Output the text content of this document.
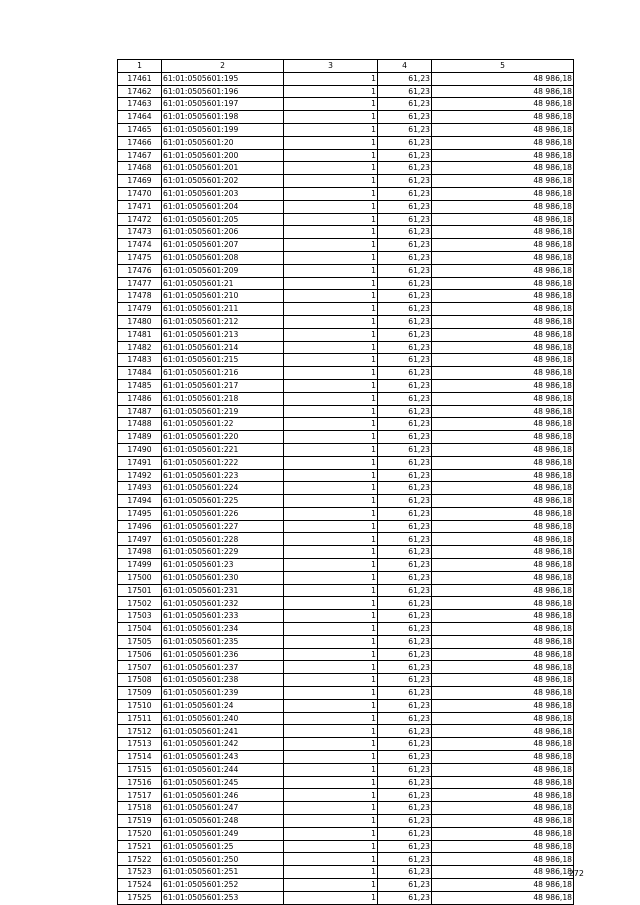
1	2	3	4	5
17461	61:01:0505601:195	1	61,23	48 986,18
17462	61:01:0505601:196	1	61,23	48 986,18
17463	61:01:0505601:197	1	61,23	48 986,18
17464	61:01:0505601:198	1	61,23	48 986,18
17465	61:01:0505601:199	1	61,23	48 986,18
17466	61:01:0505601:20	1	61,23	48 986,18
17467	61:01:0505601:200	1	61,23	48 986,18
17468	61:01:0505601:201	1	61,23	48 986,18
17469	61:01:0505601:202	1	61,23	48 986,18
17470	61:01:0505601:203	1	61,23	48 986,18
17471	61:01:0505601:204	1	61,23	48 986,18
17472	61:01:0505601:205	1	61,23	48 986,18
17473	61:01:0505601:206	1	61,23	48 986,18
17474	61:01:0505601:207	1	61,23	48 986,18
17475	61:01:0505601:208	1	61,23	48 986,18
17476	61:01:0505601:209	1	61,23	48 986,18
17477	61:01:0505601:21	1	61,23	48 986,18
17478	61:01:0505601:210	1	61,23	48 986,18
17479	61:01:0505601:211	1	61,23	48 986,18
17480	61:01:0505601:212	1	61,23	48 986,18
17481	61:01:0505601:213	1	61,23	48 986,18
17482	61:01:0505601:214	1	61,23	48 986,18
17483	61:01:0505601:215	1	61,23	48 986,18
17484	61:01:0505601:216	1	61,23	48 986,18
17485	61:01:0505601:217	1	61,23	48 986,18
17486	61:01:0505601:218	1	61,23	48 986,18
17487	61:01:0505601:219	1	61,23	48 986,18
17488	61:01:0505601:22	1	61,23	48 986,18
17489	61:01:0505601:220	1	61,23	48 986,18
17490	61:01:0505601:221	1	61,23	48 986,18
17491	61:01:0505601:222	1	61,23	48 986,18
17492	61:01:0505601:223	1	61,23	48 986,18
17493	61:01:0505601:224	1	61,23	48 986,18
17494	61:01:0505601:225	1	61,23	48 986,18
17495	61:01:0505601:226	1	61,23	48 986,18
17496	61:01:0505601:227	1	61,23	48 986,18
17497	61:01:0505601:228	1	61,23	48 986,18
17498	61:01:0505601:229	1	61,23	48 986,18
17499	61:01:0505601:23	1	61,23	48 986,18
17500	61:01:0505601:230	1	61,23	48 986,18
17501	61:01:0505601:231	1	61,23	48 986,18
17502	61:01:0505601:232	1	61,23	48 986,18
17503	61:01:0505601:233	1	61,23	48 986,18
17504	61:01:0505601:234	1	61,23	48 986,18
17505	61:01:0505601:235	1	61,23	48 986,18
17506	61:01:0505601:236	1	61,23	48 986,18
17507	61:01:0505601:237	1	61,23	48 986,18
17508	61:01:0505601:238	1	61,23	48 986,18
17509	61:01:0505601:239	1	61,23	48 986,18
17510	61:01:0505601:24	1	61,23	48 986,18
17511	61:01:0505601:240	1	61,23	48 986,18
17512	61:01:0505601:241	1	61,23	48 986,18
17513	61:01:0505601:242	1	61,23	48 986,18
17514	61:01:0505601:243	1	61,23	48 986,18
17515	61:01:0505601:244	1	61,23	48 986,18
17516	61:01:0505601:245	1	61,23	48 986,18
17517	61:01:0505601:246	1	61,23	48 986,18
17518	61:01:0505601:247	1	61,23	48 986,18
17519	61:01:0505601:248	1	61,23	48 986,18
17520	61:01:0505601:249	1	61,23	48 986,18
17521	61:01:0505601:25	1	61,23	48 986,18
17522	61:01:0505601:250	1	61,23	48 986,18
17523	61:01:0505601:251	1	61,23	48 986,18
17524	61:01:0505601:252	1	61,23	48 986,18
17525	61:01:0505601:253	1	61,23	48 986,18
272
